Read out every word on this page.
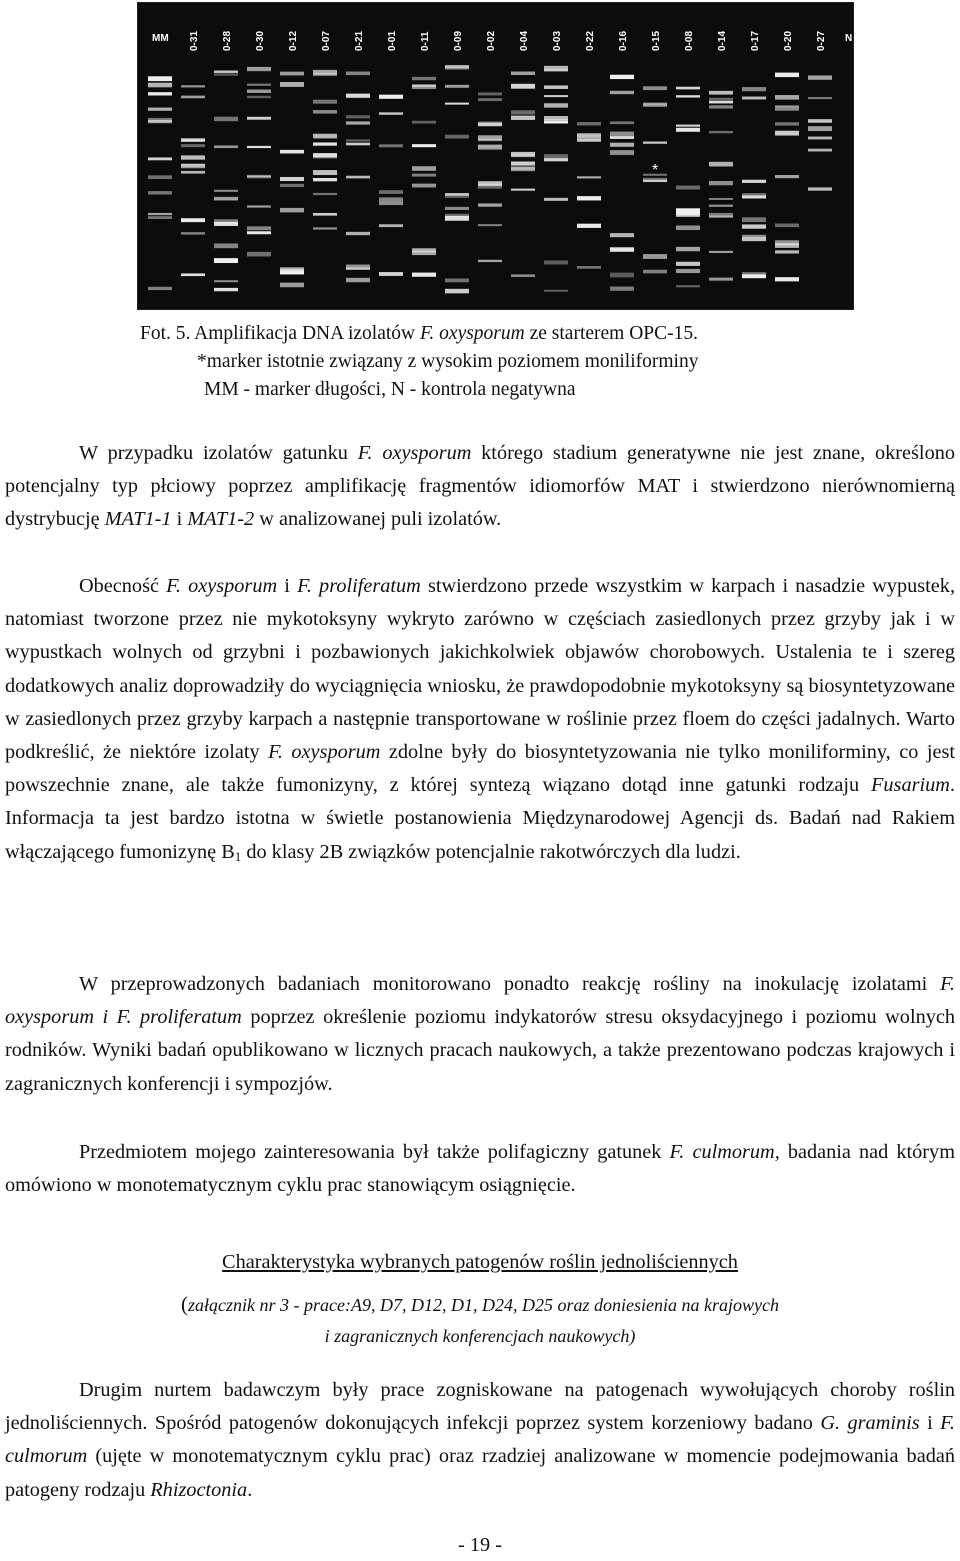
MM 0-31 0-28 0-30 0-12 0-07 0-21 0-01 0-11 0-09 0-02 0-04 0-03 0-22 0-16 0-15 0-08 0-14 0-17 0-20 0-27 N
*
Fot. 5. Amplifikacja DNA izolatów F. oxysporum ze starterem OPC-15.
*marker istotnie związany z wysokim poziomem moniliforminy
MM - marker długości, N - kontrola negatywna

W przypadku izolatów gatunku F. oxysporum którego stadium generatywne nie jest znane, określono potencjalny typ płciowy poprzez amplifikację fragmentów idiomorfów MAT i stwierdzono nierównomierną dystrybucję MAT1-1 i MAT1-2 w analizowanej puli izolatów.

Obecność F. oxysporum i F. proliferatum stwierdzono przede wszystkim w karpach i nasadzie wypustek, natomiast tworzone przez nie mykotoksyny wykryto zarówno w częściach zasiedlonych przez grzyby jak i w wypustkach wolnych od grzybni i pozbawionych jakichkolwiek objawów chorobowych. Ustalenia te i szereg dodatkowych analiz doprowadziły do wyciągnięcia wniosku, że prawdopodobnie mykotoksyny są biosyntetyzowane w zasiedlonych przez grzyby karpach a następnie transportowane w roślinie przez floem do części jadalnych. Warto podkreślić, że niektóre izolaty F. oxysporum zdolne były do biosyntetyzowania nie tylko moniliforminy, co jest powszechnie znane, ale także fumonizyny, z której syntezą wiązano dotąd inne gatunki rodzaju Fusarium. Informacja ta jest bardzo istotna w świetle postanowienia Międzynarodowej Agencji ds. Badań nad Rakiem włączającego fumonizynę $B_1$ do klasy 2B związków potencjalnie rakotwórczych dla ludzi.

W przeprowadzonych badaniach monitorowano ponadto reakcję rośliny na inokulację izolatami F. oxysporum i F. proliferatum poprzez określenie poziomu indykatorów stresu oksydacyjnego i poziomu wolnych rodników. Wyniki badań opublikowano w licznych pracach naukowych, a także prezentowano podczas krajowych i zagranicznych konferencji i sympozjów.

Przedmiotem mojego zainteresowania był także polifagiczny gatunek F. culmorum, badania nad którym omówiono w monotematycznym cyklu prac stanowiącym osiągnięcie.

Charakterystyka wybranych patogenów roślin jednoliściennych
(załącznik nr 3 - prace:A9, D7, D12, D1, D24, D25 oraz doniesienia na krajowych
i zagranicznych konferencjach naukowych)

Drugim nurtem badawczym były prace zogniskowane na patogenach wywołujących choroby roślin jednoliściennych. Spośród patogenów dokonujących infekcji poprzez system korzeniowy badano G. graminis i F. culmorum (ujęte w monotematycznym cyklu prac) oraz rzadziej analizowane w momencie podejmowania badań patogeny rodzaju Rhizoctonia.

- 19 -
